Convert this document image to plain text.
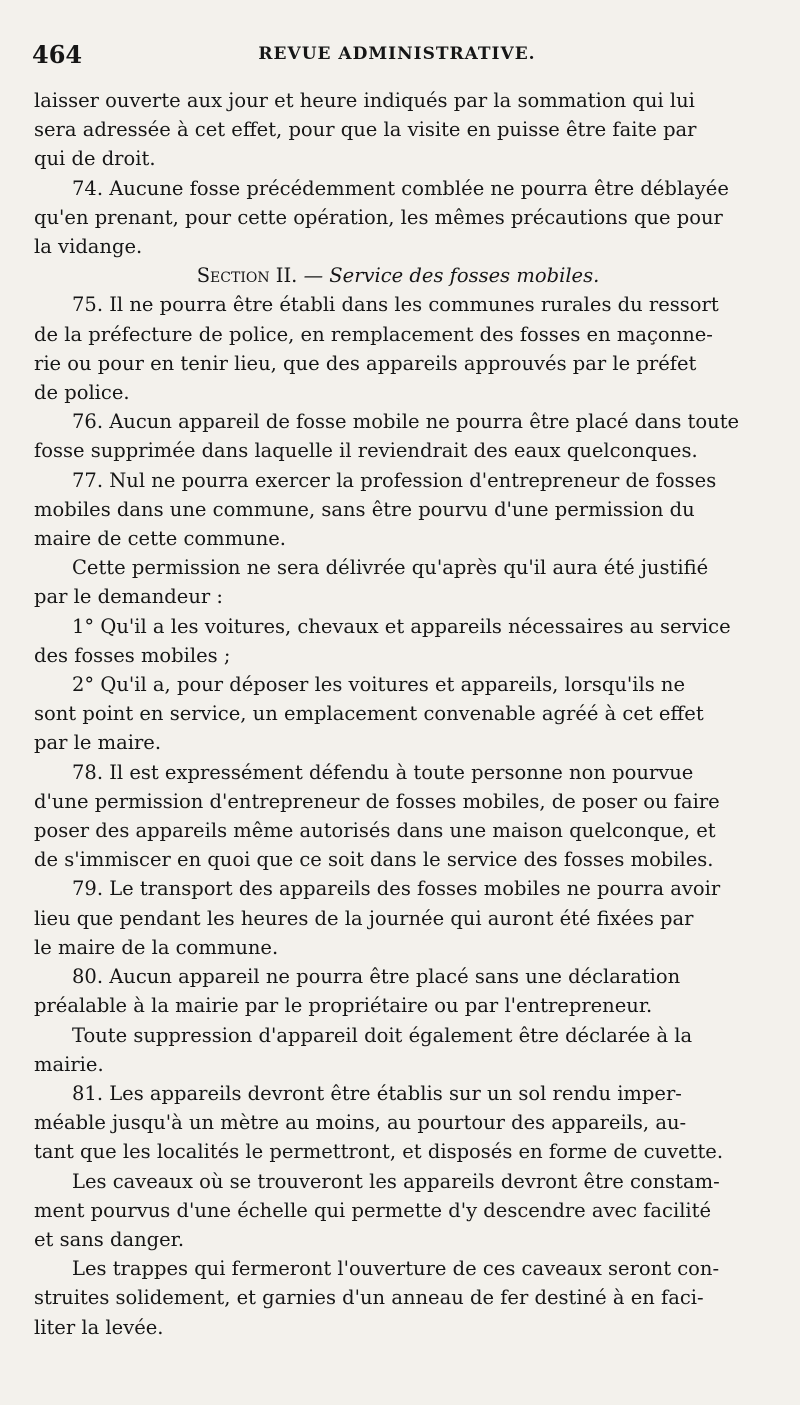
464	REVUE ADMINISTRATIVE.
laisser ouverte aux jour et heure indiqués par la sommation qui lui
sera adressée à cet effet, pour que la visite en puisse être faite par
qui de droit.
74. Aucune fosse précédemment comblée ne pourra être déblayée
qu'en prenant, pour cette opération, les mêmes précautions que pour
la vidange.
Section II. — Service des fosses mobiles.
75. Il ne pourra être établi dans les communes rurales du ressort
de la préfecture de police, en remplacement des fosses en maçonne-
rie ou pour en tenir lieu, que des appareils approuvés par le préfet
de police.
76. Aucun appareil de fosse mobile ne pourra être placé dans toute
fosse supprimée dans laquelle il reviendrait des eaux quelconques.
77. Nul ne pourra exercer la profession d'entrepreneur de fosses
mobiles dans une commune, sans être pourvu d'une permission du
maire de cette commune.
Cette permission ne sera délivrée qu'après qu'il aura été justifié
par le demandeur :
1° Qu'il a les voitures, chevaux et appareils nécessaires au service
des fosses mobiles ;
2° Qu'il a, pour déposer les voitures et appareils, lorsqu'ils ne
sont point en service, un emplacement convenable agréé à cet effet
par le maire.
78. Il est expressément défendu à toute personne non pourvue
d'une permission d'entrepreneur de fosses mobiles, de poser ou faire
poser des appareils même autorisés dans une maison quelconque, et
de s'immiscer en quoi que ce soit dans le service des fosses mobiles.
79. Le transport des appareils des fosses mobiles ne pourra avoir
lieu que pendant les heures de la journée qui auront été fixées par
le maire de la commune.
80. Aucun appareil ne pourra être placé sans une déclaration
préalable à la mairie par le propriétaire ou par l'entrepreneur.
Toute suppression d'appareil doit également être déclarée à la
mairie.
81. Les appareils devront être établis sur un sol rendu imper-
méable jusqu'à un mètre au moins, au pourtour des appareils, au-
tant que les localités le permettront, et disposés en forme de cuvette.
Les caveaux où se trouveront les appareils devront être constam-
ment pourvus d'une échelle qui permette d'y descendre avec facilité
et sans danger.
Les trappes qui fermeront l'ouverture de ces caveaux seront con-
struites solidement, et garnies d'un anneau de fer destiné à en faci-
liter la levée.
